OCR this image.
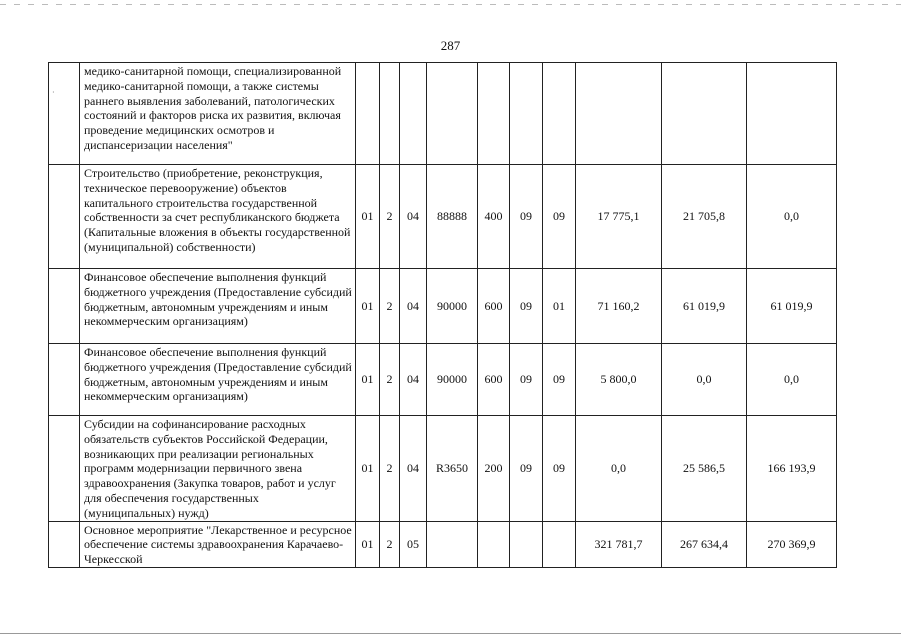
287
·
	медико-санитарной помощи, специализированной медико-санитарной помощи, а также системы раннего выявления заболеваний, патологических состояний и факторов риска их развития, включая проведение медицинских осмотров и диспансеризации населения"										
	Строительство (приобретение, реконструкция, техническое перевооружение) объектов капитального строительства государственной собственности за счет республиканского бюджета (Капитальные вложения в объекты государственной (муниципальной) собственности)	01	2	04	88888	400	09	09	17 775,1	21 705,8	0,0
	Финансовое обеспечение выполнения функций бюджетного учреждения (Предоставление субсидий бюджетным, автономным учреждениям и иным некоммерческим организациям)	01	2	04	90000	600	09	01	71 160,2	61 019,9	61 019,9
	Финансовое обеспечение выполнения функций бюджетного учреждения (Предоставление субсидий бюджетным, автономным учреждениям и иным некоммерческим организациям)	01	2	04	90000	600	09	09	5 800,0	0,0	0,0
	Субсидии на софинансирование расходных обязательств субъектов Российской Федерации, возникающих при реализации региональных программ модернизации первичного звена здравоохранения (Закупка товаров, работ и услуг для обеспечения государственных (муниципальных) нужд)	01	2	04	R3650	200	09	09	0,0	25 586,5	166 193,9
	Основное мероприятие "Лекарственное и ресурсное обеспечение системы здравоохранения Карачаево-Черкесской	01	2	05					321 781,7	267 634,4	270 369,9
